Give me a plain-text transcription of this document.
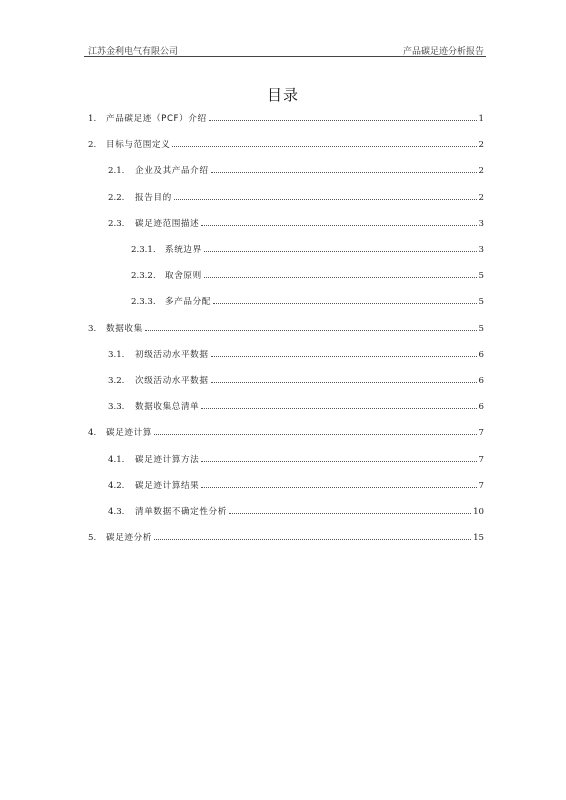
江苏金利电气有限公司	产品碳足迹分析报告
目录
1.	产品碳足迹（PCF）介绍	1
2.	目标与范围定义	2
2.1.	企业及其产品介绍	2
2.2.	报告目的	2
2.3.	碳足迹范围描述	3
2.3.1.	系统边界	3
2.3.2.	取舍原则	5
2.3.3.	多产品分配	5
3.	数据收集	5
3.1.	初级活动水平数据	6
3.2.	次级活动水平数据	6
3.3.	数据收集总清单	6
4.	碳足迹计算	7
4.1.	碳足迹计算方法	7
4.2.	碳足迹计算结果	7
4.3.	清单数据不确定性分析	10
5.	碳足迹分析	15
